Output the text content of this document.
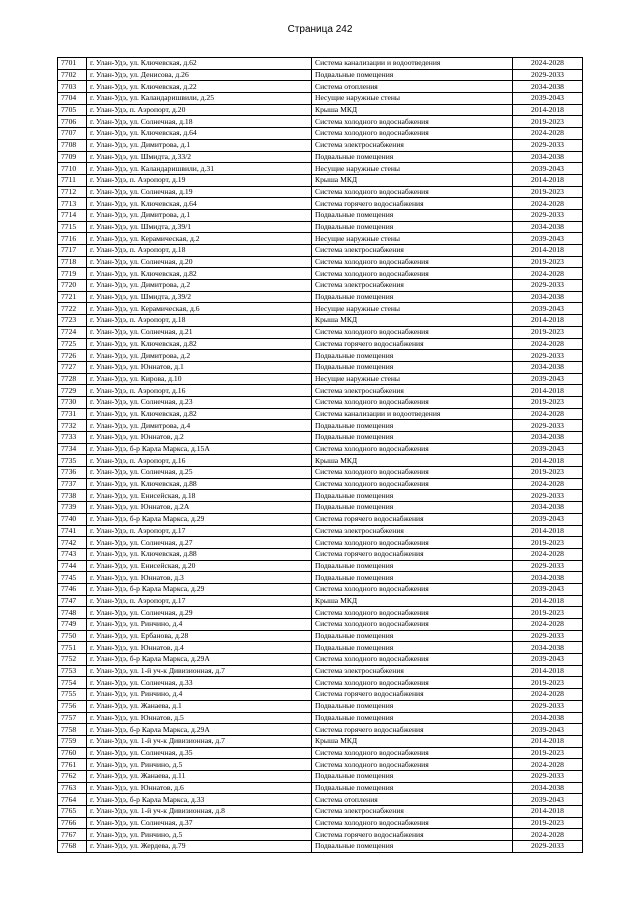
Страница 242
7701	г. Улан-Удэ, ул. Ключевская, д.62	Система канализации и водоотведения	2024-2028
7702	г. Улан-Удэ, ул. Денисова, д.26	Подвальные помещения	2029-2033
7703	г. Улан-Удэ, ул. Ключевская, д.22	Система отопления	2034-2038
7704	г. Улан-Удэ, ул. Каландаришвили, д.25	Несущие наружные стены	2039-2043
7705	г. Улан-Удэ, п. Аэропорт, д.20	Крыша МКД	2014-2018
7706	г. Улан-Удэ, ул. Солнечная, д.18	Система холодного водоснабжения	2019-2023
7707	г. Улан-Удэ, ул. Ключевская, д.64	Система холодного водоснабжения	2024-2028
7708	г. Улан-Удэ, ул. Димитрова, д.1	Система электроснабжения	2029-2033
7709	г. Улан-Удэ, ул. Шмидта, д.33/2	Подвальные помещения	2034-2038
7710	г. Улан-Удэ, ул. Каландаришвили, д.31	Несущие наружные стены	2039-2043
7711	г. Улан-Удэ, п. Аэропорт, д.19	Крыша МКД	2014-2018
7712	г. Улан-Удэ, ул. Солнечная, д.19	Система холодного водоснабжения	2019-2023
7713	г. Улан-Удэ, ул. Ключевская, д.64	Система горячего водоснабжения	2024-2028
7714	г. Улан-Удэ, ул. Димитрова, д.1	Подвальные помещения	2029-2033
7715	г. Улан-Удэ, ул. Шмидта, д.39/1	Подвальные помещения	2034-2038
7716	г. Улан-Удэ, ул. Керамическая, д.2	Несущие наружные стены	2039-2043
7717	г. Улан-Удэ, п. Аэропорт, д.18	Система электроснабжения	2014-2018
7718	г. Улан-Удэ, ул. Солнечная, д.20	Система холодного водоснабжения	2019-2023
7719	г. Улан-Удэ, ул. Ключевская, д.82	Система холодного водоснабжения	2024-2028
7720	г. Улан-Удэ, ул. Димитрова, д.2	Система электроснабжения	2029-2033
7721	г. Улан-Удэ, ул. Шмидта, д.39/2	Подвальные помещения	2034-2038
7722	г. Улан-Удэ, ул. Керамическая, д.6	Несущие наружные стены	2039-2043
7723	г. Улан-Удэ, п. Аэропорт, д.18	Крыша МКД	2014-2018
7724	г. Улан-Удэ, ул. Солнечная, д.21	Система холодного водоснабжения	2019-2023
7725	г. Улан-Удэ, ул. Ключевская, д.82	Система горячего водоснабжения	2024-2028
7726	г. Улан-Удэ, ул. Димитрова, д.2	Подвальные помещения	2029-2033
7727	г. Улан-Удэ, ул. Юннатов, д.1	Подвальные помещения	2034-2038
7728	г. Улан-Удэ, ул. Кирова, д.10	Несущие наружные стены	2039-2043
7729	г. Улан-Удэ, п. Аэропорт, д.16	Система электроснабжения	2014-2018
7730	г. Улан-Удэ, ул. Солнечная, д.23	Система холодного водоснабжения	2019-2023
7731	г. Улан-Удэ, ул. Ключевская, д.82	Система канализации и водоотведения	2024-2028
7732	г. Улан-Удэ, ул. Димитрова, д.4	Подвальные помещения	2029-2033
7733	г. Улан-Удэ, ул. Юннатов, д.2	Подвальные помещения	2034-2038
7734	г. Улан-Удэ, б-р Карла Маркса, д.15А	Система холодного водоснабжения	2039-2043
7735	г. Улан-Удэ, п. Аэропорт, д.16	Крыша МКД	2014-2018
7736	г. Улан-Удэ, ул. Солнечная, д.25	Система холодного водоснабжения	2019-2023
7737	г. Улан-Удэ, ул. Ключевская, д.88	Система холодного водоснабжения	2024-2028
7738	г. Улан-Удэ, ул. Енисейская, д.18	Подвальные помещения	2029-2033
7739	г. Улан-Удэ, ул. Юннатов, д.2А	Подвальные помещения	2034-2038
7740	г. Улан-Удэ, б-р Карла Маркса, д.29	Система горячего водоснабжения	2039-2043
7741	г. Улан-Удэ, п. Аэропорт, д.17	Система электроснабжения	2014-2018
7742	г. Улан-Удэ, ул. Солнечная, д.27	Система холодного водоснабжения	2019-2023
7743	г. Улан-Удэ, ул. Ключевская, д.88	Система горячего водоснабжения	2024-2028
7744	г. Улан-Удэ, ул. Енисейская, д.20	Подвальные помещения	2029-2033
7745	г. Улан-Удэ, ул. Юннатов, д.3	Подвальные помещения	2034-2038
7746	г. Улан-Удэ, б-р Карла Маркса, д.29	Система холодного водоснабжения	2039-2043
7747	г. Улан-Удэ, п. Аэропорт, д.17	Крыша МКД	2014-2018
7748	г. Улан-Удэ, ул. Солнечная, д.29	Система холодного водоснабжения	2019-2023
7749	г. Улан-Удэ, ул. Ринчино, д.4	Система холодного водоснабжения	2024-2028
7750	г. Улан-Удэ, ул. Ербанова, д.28	Подвальные помещения	2029-2033
7751	г. Улан-Удэ, ул. Юннатов, д.4	Подвальные помещения	2034-2038
7752	г. Улан-Удэ, б-р Карла Маркса, д.29А	Система холодного водоснабжения	2039-2043
7753	г. Улан-Удэ, ул. 1-й уч-к Дивизионная, д.7	Система электроснабжения	2014-2018
7754	г. Улан-Удэ, ул. Солнечная, д.33	Система холодного водоснабжения	2019-2023
7755	г. Улан-Удэ, ул. Ринчино, д.4	Система горячего водоснабжения	2024-2028
7756	г. Улан-Удэ, ул. Жанаева, д.1	Подвальные помещения	2029-2033
7757	г. Улан-Удэ, ул. Юннатов, д.5	Подвальные помещения	2034-2038
7758	г. Улан-Удэ, б-р Карла Маркса, д.29А	Система горячего водоснабжения	2039-2043
7759	г. Улан-Удэ, ул. 1-й уч-к Дивизионная, д.7	Крыша МКД	2014-2018
7760	г. Улан-Удэ, ул. Солнечная, д.35	Система холодного водоснабжения	2019-2023
7761	г. Улан-Удэ, ул. Ринчино, д.5	Система холодного водоснабжения	2024-2028
7762	г. Улан-Удэ, ул. Жанаева, д.11	Подвальные помещения	2029-2033
7763	г. Улан-Удэ, ул. Юннатов, д.6	Подвальные помещения	2034-2038
7764	г. Улан-Удэ, б-р Карла Маркса, д.33	Система отопления	2039-2043
7765	г. Улан-Удэ, ул. 1-й уч-к Дивизионная, д.8	Система электроснабжения	2014-2018
7766	г. Улан-Удэ, ул. Солнечная, д.37	Система холодного водоснабжения	2019-2023
7767	г. Улан-Удэ, ул. Ринчино, д.5	Система горячего водоснабжения	2024-2028
7768	г. Улан-Удэ, ул. Жердева, д.79	Подвальные помещения	2029-2033
